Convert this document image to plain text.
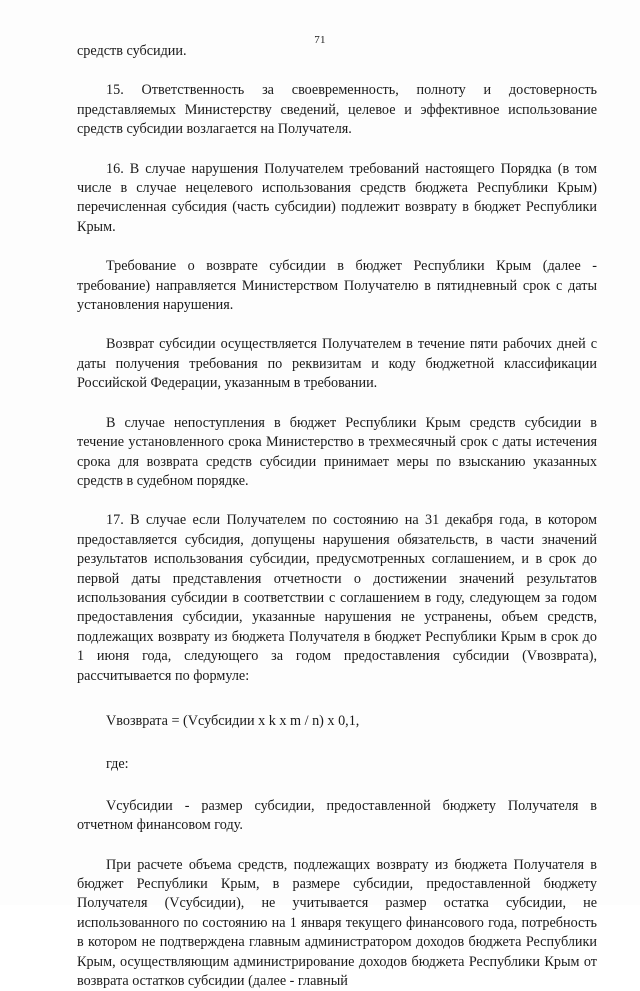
71

средств субсидии.

15. Ответственность за своевременность, полноту и достоверность представляемых Министерству сведений, целевое и эффективное использование средств субсидии возлагается на Получателя.

16. В случае нарушения Получателем требований настоящего Порядка (в том числе в случае нецелевого использования средств бюджета Республики Крым) перечисленная субсидия (часть субсидии) подлежит возврату в бюджет Республики Крым.

Требование о возврате субсидии в бюджет Республики Крым (далее - требование) направляется Министерством Получателю в пятидневный срок с даты установления нарушения.

Возврат субсидии осуществляется Получателем в течение пяти рабочих дней с даты получения требования по реквизитам и коду бюджетной классификации Российской Федерации, указанным в требовании.

В случае непоступления в бюджет Республики Крым средств субсидии в течение установленного срока Министерство в трехмесячный срок с даты истечения срока для возврата средств субсидии принимает меры по взысканию указанных средств в судебном порядке.

17. В случае если Получателем по состоянию на 31 декабря года, в котором предоставляется субсидия, допущены нарушения обязательств, в части значений результатов использования субсидии, предусмотренных соглашением, и в срок до первой даты представления отчетности о достижении значений результатов использования субсидии в соответствии с соглашением в году, следующем за годом предоставления субсидии, указанные нарушения не устранены, объем средств, подлежащих возврату из бюджета Получателя в бюджет Республики Крым в срок до 1 июня года, следующего за годом предоставления субсидии (Vвозврата), рассчитывается по формуле:

Vвозврата = (Vсубсидии х k х m / n) х 0,1,

где:

Vсубсидии - размер субсидии, предоставленной бюджету Получателя в отчетном финансовом году.

При расчете объема средств, подлежащих возврату из бюджета Получателя в бюджет Республики Крым, в размере субсидии, предоставленной бюджету Получателя (Vсубсидии), не учитывается размер остатка субсидии, не использованного по состоянию на 1 января текущего финансового года, потребность в котором не подтверждена главным администратором доходов бюджета Республики Крым, осуществляющим администрирование доходов бюджета Республики Крым от возврата остатков субсидии (далее - главный
